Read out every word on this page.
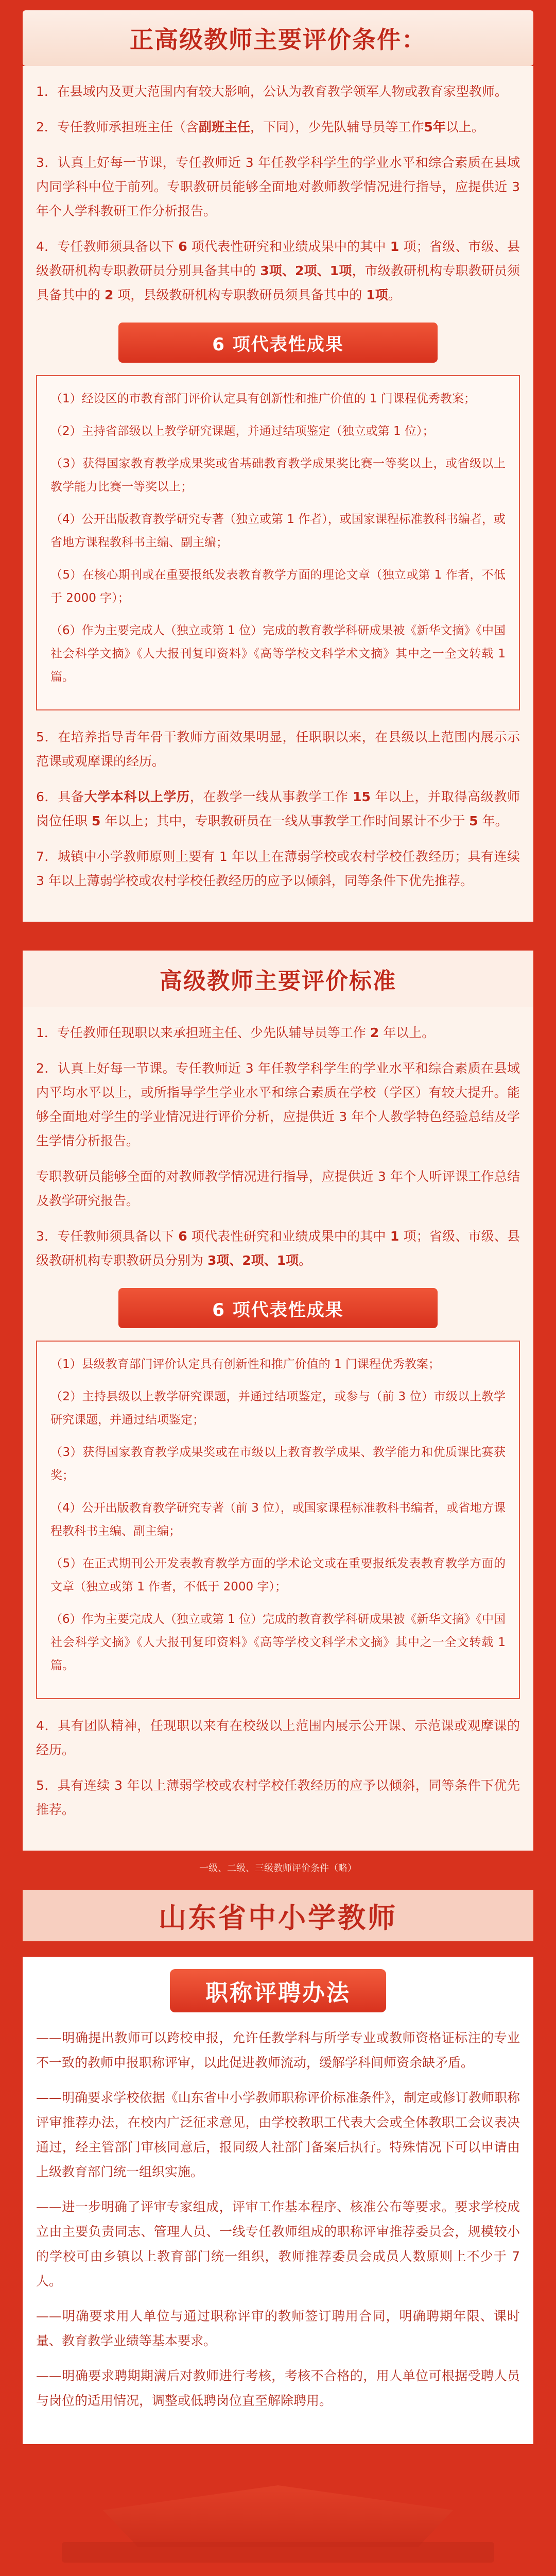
正高级教师主要评价条件：

1．在县域内及更大范围内有较大影响，公认为教育教学领军人物或教育家型教师。

2．专任教师承担班主任（含副班主任，下同），少先队辅导员等工作5年以上。

3．认真上好每一节课，专任教师近 3 年任教学科学生的学业水平和综合素质在县域内同学科中位于前列。专职教研员能够全面地对教师教学情况进行指导，应提供近 3 年个人学科教研工作分析报告。

4．专任教师须具备以下 6 项代表性研究和业绩成果中的其中 1 项；省级、市级、县级教研机构专职教研员分别具备其中的 3项、2项、1项，市级教研机构专职教研员须具备其中的 2 项，县级教研机构专职教研员须具备其中的 1项。

6 项代表性成果

（1）经设区的市教育部门评价认定具有创新性和推广价值的 1 门课程优秀教案；

（2）主持省部级以上教学研究课题，并通过结项鉴定（独立或第 1 位）；

（3）获得国家教育教学成果奖或省基础教育教学成果奖比赛一等奖以上，或省级以上教学能力比赛一等奖以上；

（4）公开出版教育教学研究专著（独立或第 1 作者），或国家课程标准教科书编者，或省地方课程教科书主编、副主编；

（5）在核心期刊或在重要报纸发表教育教学方面的理论文章（独立或第 1 作者，不低于 2000 字）；

（6）作为主要完成人（独立或第 1 位）完成的教育教学科研成果被《新华文摘》《中国社会科学文摘》《人大报刊复印资料》《高等学校文科学术文摘》其中之一全文转载 1 篇。

5．在培养指导青年骨干教师方面效果明显，任职职以来，在县级以上范围内展示示范课或观摩课的经历。

6．具备大学本科以上学历，在教学一线从事教学工作 15 年以上，并取得高级教师岗位任职 5 年以上；其中，专职教研员在一线从事教学工作时间累计不少于 5 年。

7．城镇中小学教师原则上要有 1 年以上在薄弱学校或农村学校任教经历；具有连续 3 年以上薄弱学校或农村学校任教经历的应予以倾斜，同等条件下优先推荐。

高级教师主要评价标准

1．专任教师任现职以来承担班主任、少先队辅导员等工作 2 年以上。

2．认真上好每一节课。专任教师近 3 年任教学科学生的学业水平和综合素质在县域内平均水平以上，或所指导学生学业水平和综合素质在学校（学区）有较大提升。能够全面地对学生的学业情况进行评价分析，应提供近 3 年个人教学特色经验总结及学生学情分析报告。

专职教研员能够全面的对教师教学情况进行指导，应提供近 3 年个人听评课工作总结及教学研究报告。

3．专任教师须具备以下 6 项代表性研究和业绩成果中的其中 1 项；省级、市级、县级教研机构专职教研员分别为 3项、2项、1项。

6 项代表性成果

（1）县级教育部门评价认定具有创新性和推广价值的 1 门课程优秀教案；

（2）主持县级以上教学研究课题，并通过结项鉴定，或参与（前 3 位）市级以上教学研究课题，并通过结项鉴定；

（3）获得国家教育教学成果奖或在市级以上教育教学成果、教学能力和优质课比赛获奖；

（4）公开出版教育教学研究专著（前 3 位），或国家课程标准教科书编者，或省地方课程教科书主编、副主编；

（5）在正式期刊公开发表教育教学方面的学术论文或在重要报纸发表教育教学方面的文章（独立或第 1 作者，不低于 2000 字）；

（6）作为主要完成人（独立或第 1 位）完成的教育教学科研成果被《新华文摘》《中国社会科学文摘》《人大报刊复印资料》《高等学校文科学术文摘》其中之一全文转载 1 篇。

4．具有团队精神，任现职以来有在校级以上范围内展示公开课、示范课或观摩课的经历。

5．具有连续 3 年以上薄弱学校或农村学校任教经历的应予以倾斜，同等条件下优先推荐。

一级、二级、三级教师评价条件（略）
山东省中小学教师
职称评聘办法

——明确提出教师可以跨校申报，允许任教学科与所学专业或教师资格证标注的专业不一致的教师申报职称评审，以此促进教师流动，缓解学科间师资余缺矛盾。

——明确要求学校依据《山东省中小学教师职称评价标准条件》，制定或修订教师职称评审推荐办法，在校内广泛征求意见，由学校教职工代表大会或全体教职工会议表决通过，经主管部门审核同意后，报同级人社部门备案后执行。特殊情况下可以申请由上级教育部门统一组织实施。

——进一步明确了评审专家组成，评审工作基本程序、核准公布等要求。要求学校成立由主要负责同志、管理人员、一线专任教师组成的职称评审推荐委员会，规模较小的学校可由乡镇以上教育部门统一组织，教师推荐委员会成员人数原则上不少于 7 人。

——明确要求用人单位与通过职称评审的教师签订聘用合同，明确聘期年限、课时量、教育教学业绩等基本要求。

——明确要求聘期期满后对教师进行考核，考核不合格的，用人单位可根据受聘人员与岗位的适用情况，调整或低聘岗位直至解除聘用。
